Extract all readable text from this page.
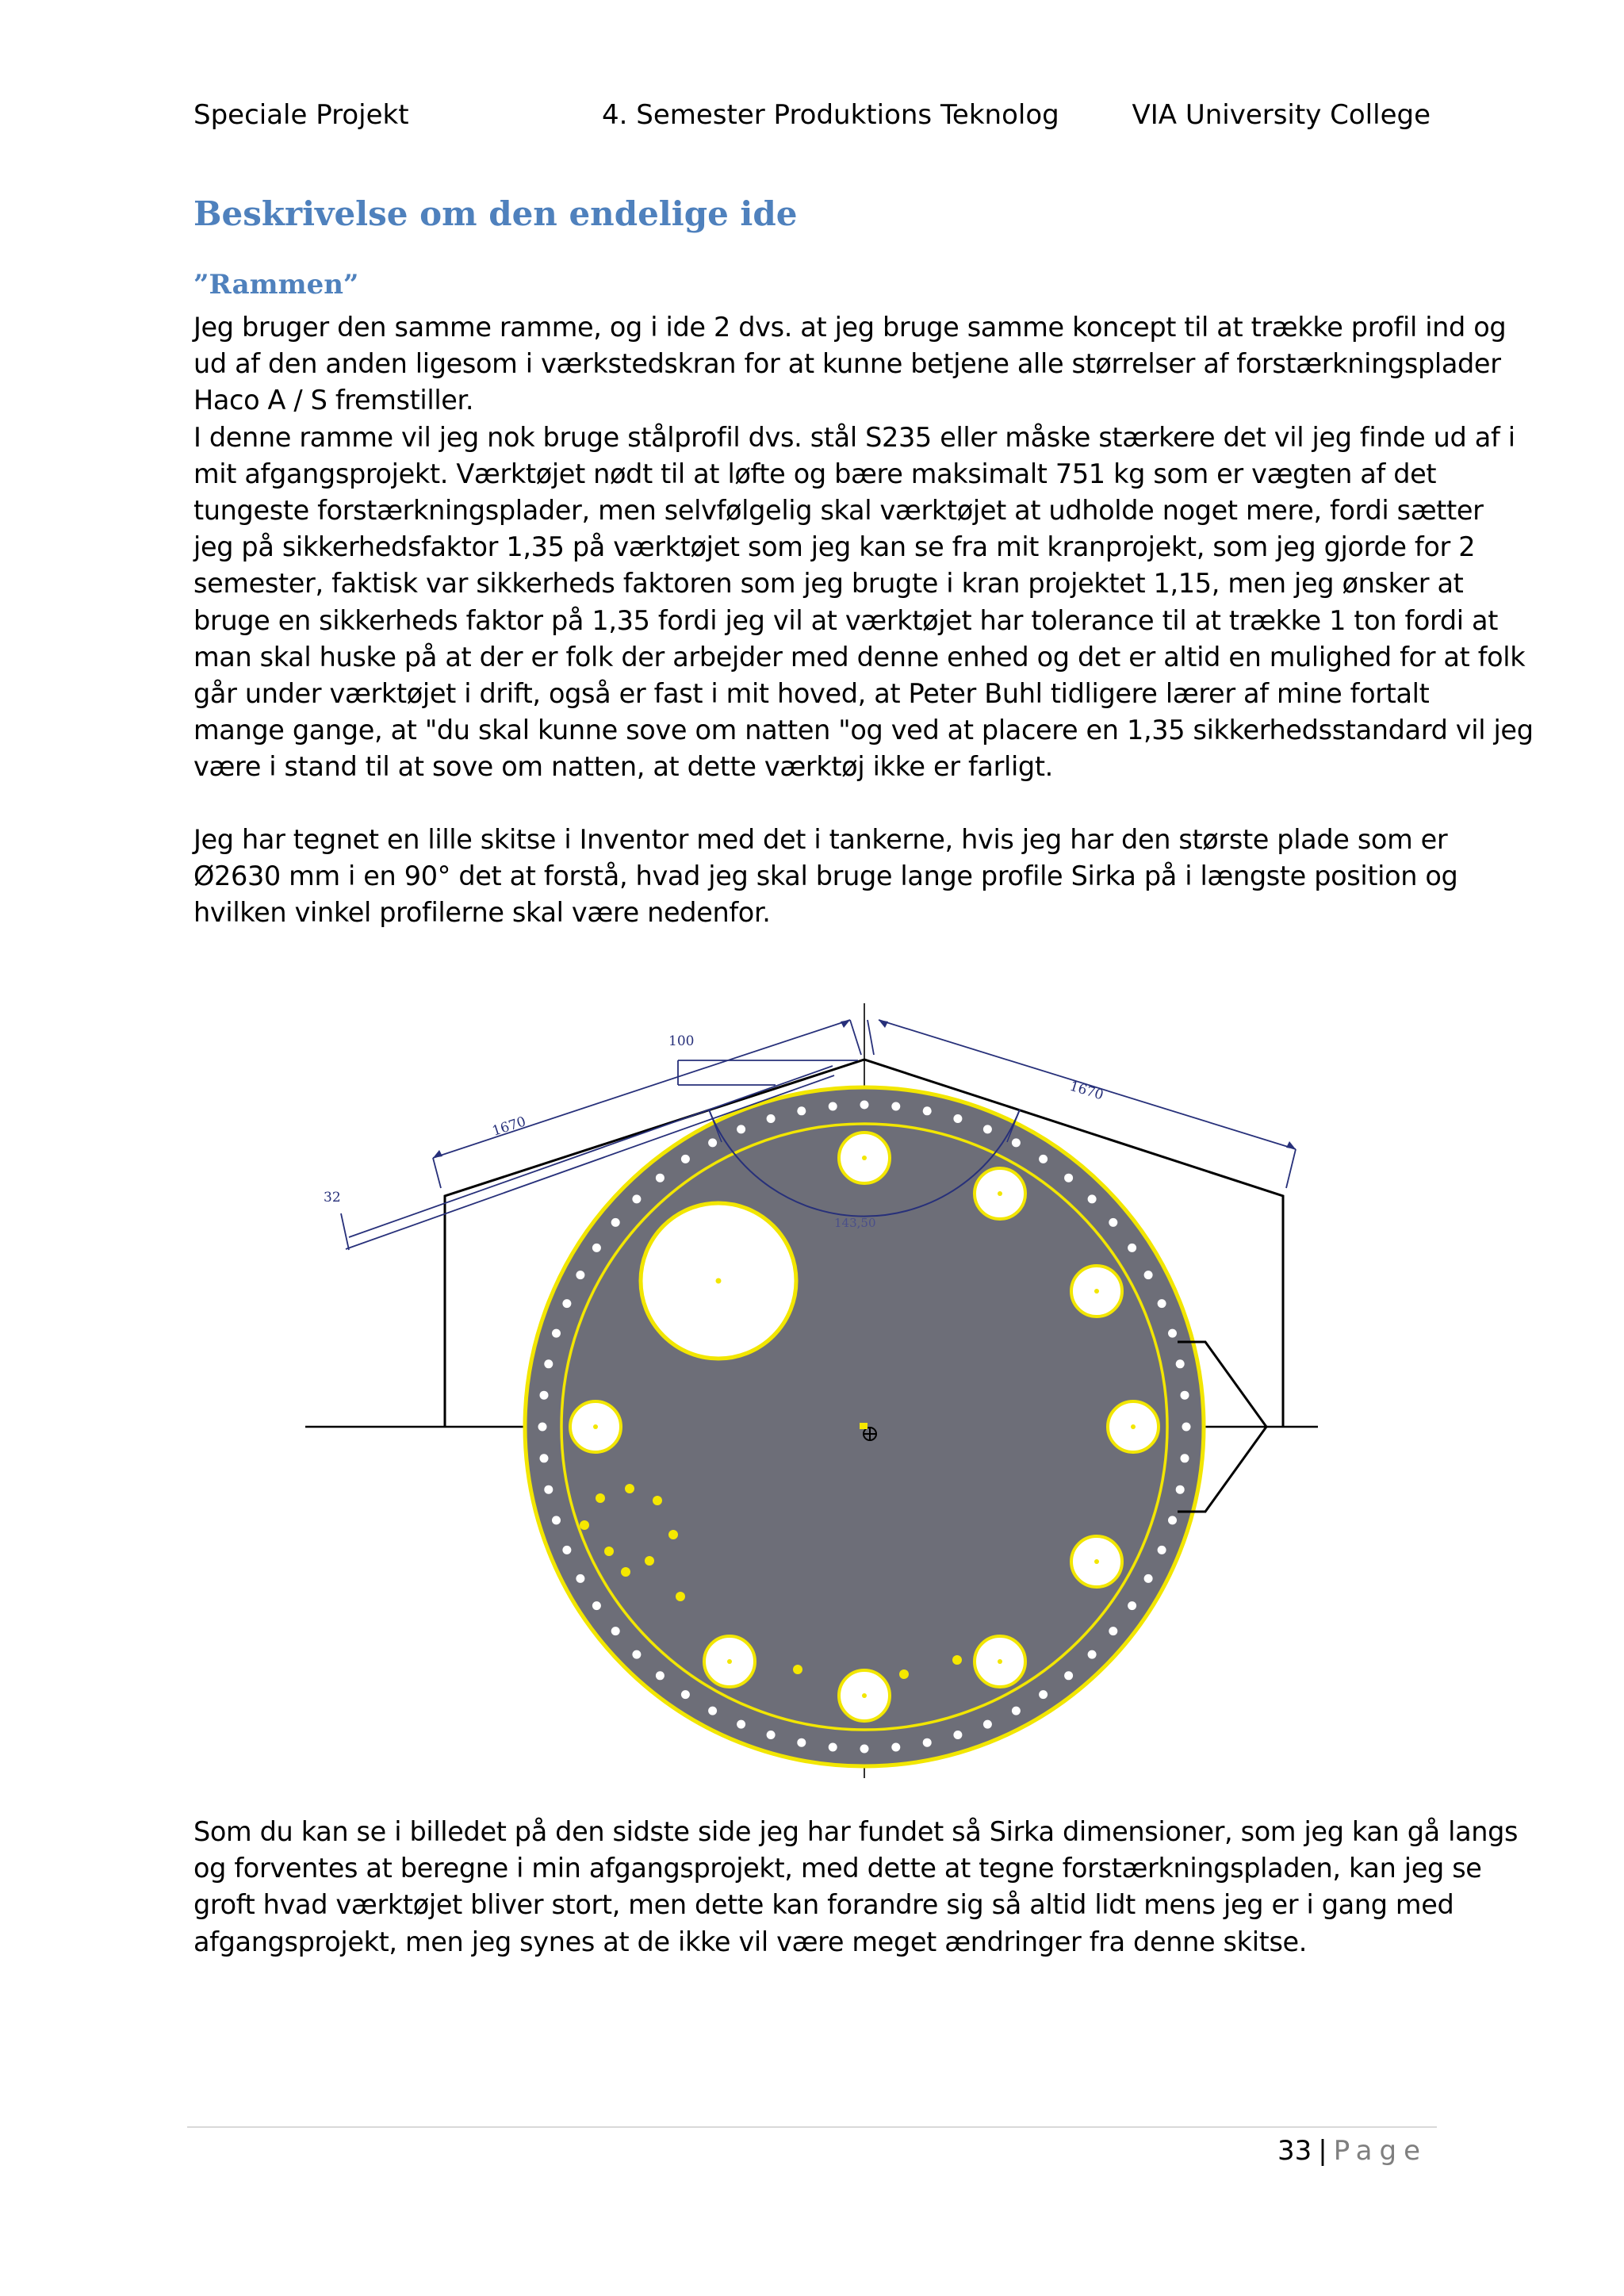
Speciale Projekt	4. Semester Produktions Teknolog	VIA University College
Beskrivelse om den endelige ide
”Rammen”

Jeg bruger den samme ramme, og i ide 2 dvs. at jeg bruge samme koncept til at trække profil ind og
ud af den anden ligesom i værkstedskran for at kunne betjene alle størrelser af forstærkningsplader
Haco A / S fremstiller.
I denne ramme vil jeg nok bruge stålprofil dvs. stål S235 eller måske stærkere det vil jeg finde ud af i
mit afgangsprojekt. Værktøjet nødt til at løfte og bære maksimalt 751 kg som er vægten af det
tungeste forstærkningsplader, men selvfølgelig skal værktøjet at udholde noget mere, fordi sætter
jeg på sikkerhedsfaktor 1,35 på værktøjet som jeg kan se fra mit kranprojekt, som jeg gjorde for 2
semester, faktisk var sikkerheds faktoren som jeg brugte i kran projektet 1,15, men jeg ønsker at
bruge en sikkerheds faktor på 1,35 fordi jeg vil at værktøjet har tolerance til at trække 1 ton fordi at
man skal huske på at der er folk der arbejder med denne enhed og det er altid en mulighed for at folk
går under værktøjet i drift, også er fast i mit hoved, at Peter Buhl tidligere lærer af mine fortalt
mange gange, at "du skal kunne sove om natten "og ved at placere en 1,35 sikkerhedsstandard vil jeg
være i stand til at sove om natten, at dette værktøj ikke er farligt.

Jeg har tegnet en lille skitse i Inventor med det i tankerne, hvis jeg har den største plade som er
Ø2630 mm i en 90° det at forstå, hvad jeg skal bruge lange profile Sirka på i længste position og
hvilken vinkel profilerne skal være nedenfor.

100
1670
1670
32
143,50

Som du kan se i billedet på den sidste side jeg har fundet så Sirka dimensioner, som jeg kan gå langs
og forventes at beregne i min afgangsprojekt, med dette at tegne forstærkningspladen, kan jeg se
groft hvad værktøjet bliver stort, men dette kan forandre sig så altid lidt mens jeg er i gang med
afgangsprojekt, men jeg synes at de ikke vil være meget ændringer fra denne skitse.

33 | Page
